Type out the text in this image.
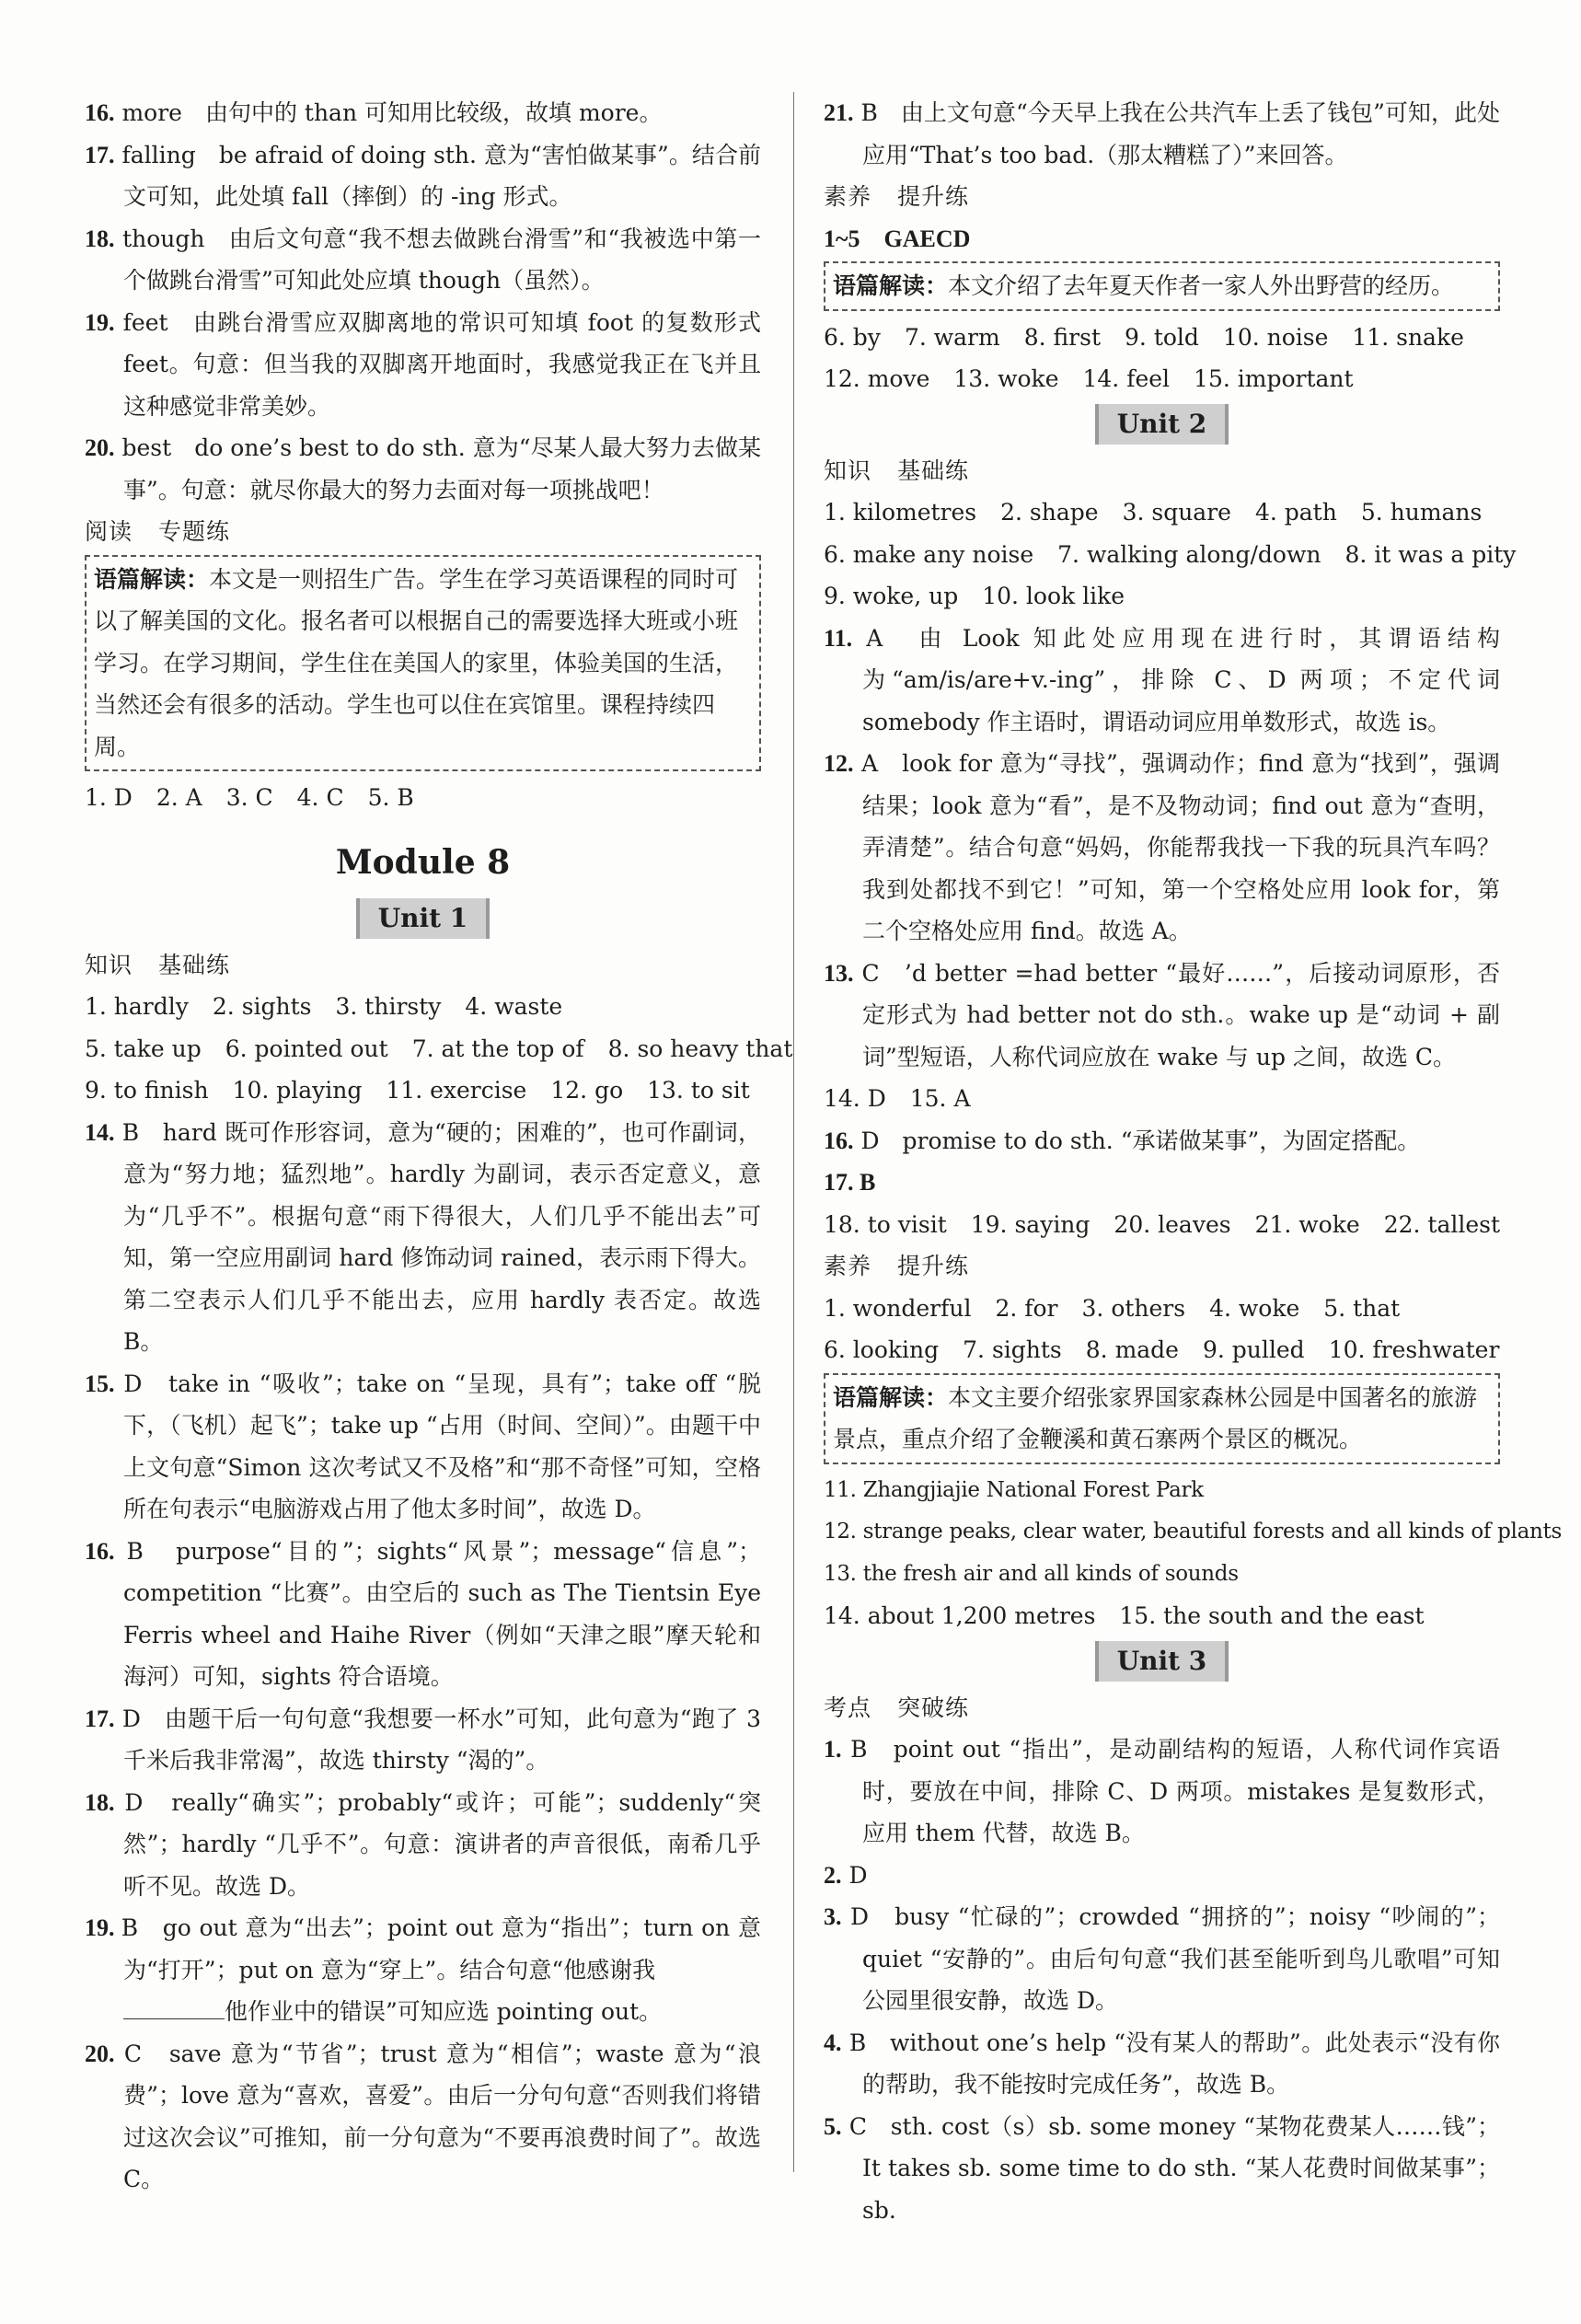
16. more　由句中的 than 可知用比较级，故填 more。
17. falling　be afraid of doing sth. 意为“害怕做某事”。结合前文可知，此处填 fall（摔倒）的 -ing 形式。
18. though　由后文句意“我不想去做跳台滑雪”和“我被选中第一个做跳台滑雪”可知此处应填 though（虽然）。
19. feet　由跳台滑雪应双脚离地的常识可知填 foot 的复数形式 feet。句意：但当我的双脚离开地面时，我感觉我正在飞并且这种感觉非常美妙。
20. best　do one’s best to do sth. 意为“尽某人最大努力去做某事”。句意：就尽你最大的努力去面对每一项挑战吧！
阅读 专题练
语篇解读：本文是一则招生广告。学生在学习英语课程的同时可以了解美国的文化。报名者可以根据自己的需要选择大班或小班学习。在学习期间，学生住在美国人的家里，体验美国的生活，当然还会有很多的活动。学生也可以住在宾馆里。课程持续四周。
1. D 2. A 3. C 4. C 5. B
Module 8
Unit 1
知识 基础练
1. hardly 2. sights 3. thirsty 4. waste
5. take up 6. pointed out 7. at the top of 8. so heavy that
9. to finish 10. playing 11. exercise 12. go 13. to sit
14. B　hard 既可作形容词，意为“硬的；困难的”，也可作副词，意为“努力地；猛烈地”。hardly 为副词，表示否定意义，意为“几乎不”。根据句意“雨下得很大，人们几乎不能出去”可知，第一空应用副词 hard 修饰动词 rained，表示雨下得大。第二空表示人们几乎不能出去，应用 hardly 表否定。故选 B。
15. D　take in “吸收”；take on “呈现，具有”；take off “脱下，（飞机）起飞”；take up “占用（时间、空间）”。由题干中上文句意“Simon 这次考试又不及格”和“那不奇怪”可知，空格所在句表示“电脑游戏占用了他太多时间”，故选 D。
16. B　purpose“目的”；sights“风景”；message“信息”；competition “比赛”。由空后的 such as The Tientsin Eye Ferris wheel and Haihe River（例如“天津之眼”摩天轮和海河）可知，sights 符合语境。
17. D　由题干后一句句意“我想要一杯水”可知，此句意为“跑了 3 千米后我非常渴”，故选 thirsty “渴的”。
18. D　really“确实”；probably“或许；可能”；suddenly“突然”；hardly “几乎不”。句意：演讲者的声音很低，南希几乎听不见。故选 D。
19. B　go out 意为“出去”；point out 意为“指出”；turn on 意为“打开”；put on 意为“穿上”。结合句意“他感谢我
他作业中的错误”可知应选 pointing out。
20. C　save 意为“节省”；trust 意为“相信”；waste 意为“浪费”；love 意为“喜欢，喜爱”。由后一分句句意“否则我们将错过这次会议”可推知，前一分句意为“不要再浪费时间了”。故选 C。
21. B　由上文句意“今天早上我在公共汽车上丢了钱包”可知，此处应用“That’s too bad.（那太糟糕了）”来回答。
素养 提升练
1~5　GAECD
语篇解读：本文介绍了去年夏天作者一家人外出野营的经历。
6. by 7. warm 8. first 9. told 10. noise 11. snake
12. move 13. woke 14. feel 15. important
Unit 2
知识 基础练
1. kilometres 2. shape 3. square 4. path 5. humans
6. make any noise 7. walking along/down 8. it was a pity
9. woke, up 10. look like
11. A　由 Look 知此处应用现在进行时，其谓语结构为“am/is/are+v.-ing”，排除 C、D 两项；不定代词 somebody 作主语时，谓语动词应用单数形式，故选 is。
12. A　look for 意为“寻找”，强调动作；find 意为“找到”，强调结果；look 意为“看”，是不及物动词；find out 意为“查明，弄清楚”。结合句意“妈妈，你能帮我找一下我的玩具汽车吗？我到处都找不到它！”可知，第一个空格处应用 look for，第二个空格处应用 find。故选 A。
13. C　’d better =had better “最好……”，后接动词原形，否定形式为 had better not do sth.。wake up 是“动词 + 副词”型短语，人称代词应放在 wake 与 up 之间，故选 C。
14. D 15. A
16. D　promise to do sth. “承诺做某事”，为固定搭配。
17. B
18. to visit 19. saying 20. leaves 21. woke 22. tallest
素养 提升练
1. wonderful 2. for 3. others 4. woke 5. that
6. looking 7. sights 8. made 9. pulled 10. freshwater
语篇解读：本文主要介绍张家界国家森林公园是中国著名的旅游景点，重点介绍了金鞭溪和黄石寨两个景区的概况。
11. Zhangjiajie National Forest Park
12. strange peaks, clear water, beautiful forests and all kinds of plants
13. the fresh air and all kinds of sounds
14. about 1,200 metres 15. the south and the east
Unit 3
考点 突破练
1. B　point out “指出”，是动副结构的短语，人称代词作宾语时，要放在中间，排除 C、D 两项。mistakes 是复数形式，应用 them 代替，故选 B。
2. D
3. D　busy “忙碌的”；crowded “拥挤的”；noisy “吵闹的”；quiet “安静的”。由后句句意“我们甚至能听到鸟儿歌唱”可知公园里很安静，故选 D。
4. B　without one’s help “没有某人的帮助”。此处表示“没有你的帮助，我不能按时完成任务”，故选 B。
5. C　sth. cost（s）sb. some money “某物花费某人……钱”；It takes sb. some time to do sth. “某人花费时间做某事”；sb.
